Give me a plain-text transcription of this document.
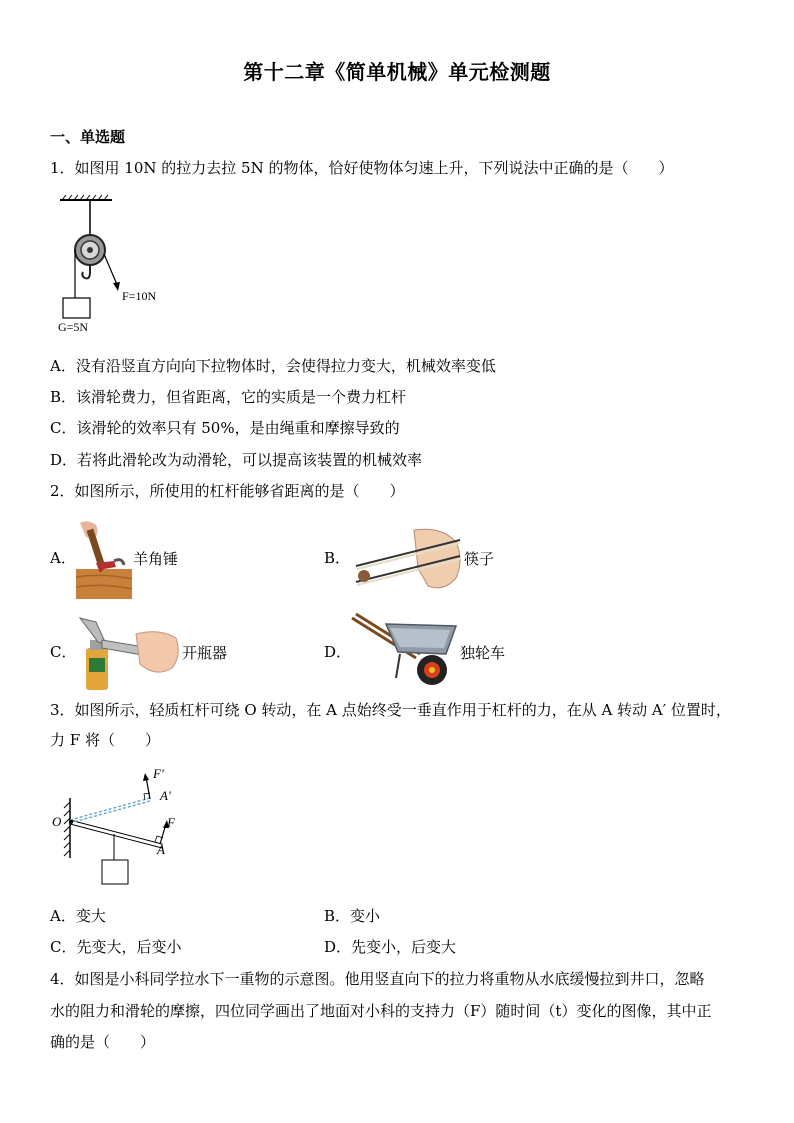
第十二章《简单机械》单元检测题
一、单选题
1．如图用 10N 的拉力去拉 5N 的物体，恰好使物体匀速上升，下列说法中正确的是（　　）
F=10N
G=5N
A．没有沿竖直方向向下拉物体时，会使得拉力变大，机械效率变低
B．该滑轮费力，但省距离，它的实质是一个费力杠杆
C．该滑轮的效率只有 50%，是由绳重和摩擦导致的
D．若将此滑轮改为动滑轮，可以提高该装置的机械效率
2．如图所示，所使用的杠杆能够省距离的是（　　）
A．	羊角锤	B．	筷子
C．	开瓶器	D．	独轮车
3．如图所示，轻质杠杆可绕 O 转动，在 A 点始终受一垂直作用于杠杆的力，在从 A 转动 A′ 位置时，
力 F 将（　　）
O
A
A′
F
F′
A．变大	B．变小
C．先变大，后变小	D．先变小，后变大
4．如图是小科同学拉水下一重物的示意图。他用竖直向下的拉力将重物从水底缓慢拉到井口，忽略
水的阻力和滑轮的摩擦，四位同学画出了地面对小科的支持力（F）随时间（t）变化的图像，其中正
确的是（　　）
